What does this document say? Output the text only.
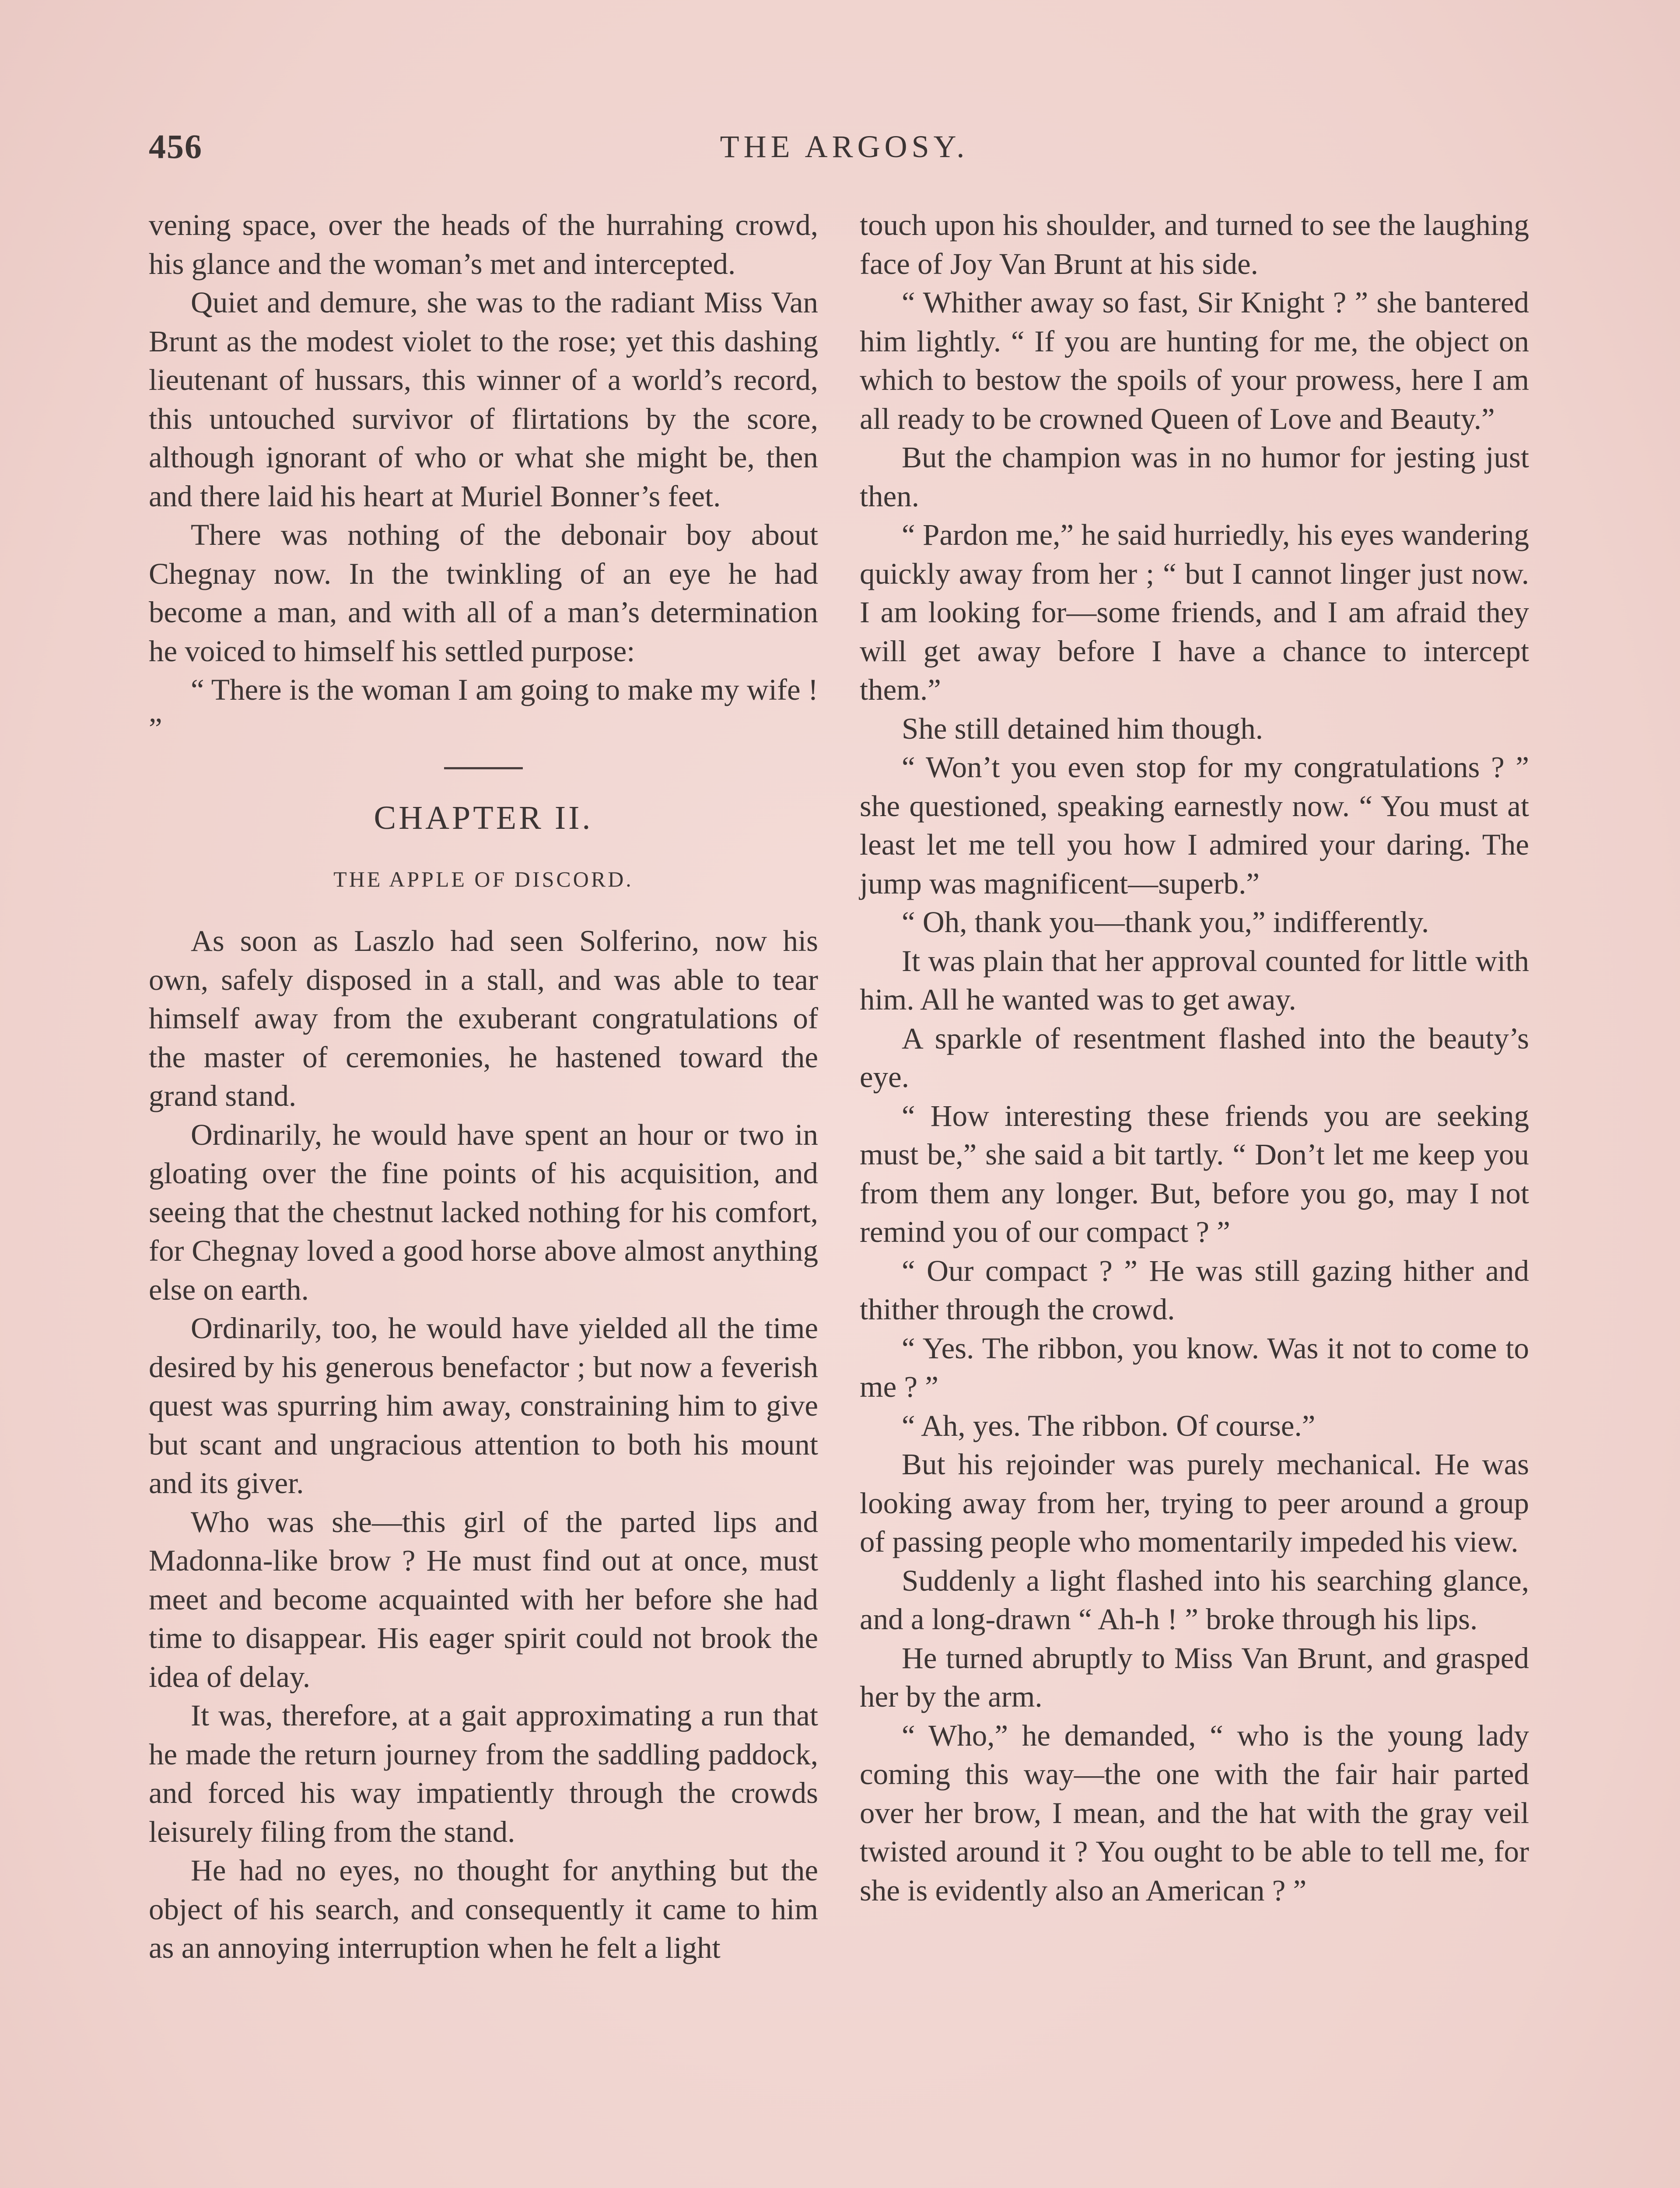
456	THE ARGOSY.

vening space, over the heads of the hurrahing crowd, his glance and the woman’s met and intercepted.

Quiet and demure, she was to the radiant Miss Van Brunt as the modest violet to the rose; yet this dashing lieutenant of hussars, this winner of a world’s record, this untouched survivor of flirtations by the score, although ignorant of who or what she might be, then and there laid his heart at Muriel Bonner’s feet.

There was nothing of the debonair boy about Chegnay now. In the twinkling of an eye he had become a man, and with all of a man’s determination he voiced to himself his settled purpose:

“ There is the woman I am going to make my wife ! ”

CHAPTER II.
THE APPLE OF DISCORD.

As soon as Laszlo had seen Solferino, now his own, safely disposed in a stall, and was able to tear himself away from the exuberant congratulations of the master of ceremonies, he hastened toward the grand stand.

Ordinarily, he would have spent an hour or two in gloating over the fine points of his acquisition, and seeing that the chestnut lacked nothing for his comfort, for Chegnay loved a good horse above almost anything else on earth.

Ordinarily, too, he would have yielded all the time desired by his generous benefactor ; but now a feverish quest was spurring him away, constraining him to give but scant and ungracious attention to both his mount and its giver.

Who was she—this girl of the parted lips and Madonna-like brow ? He must find out at once, must meet and become acquainted with her before she had time to disappear. His eager spirit could not brook the idea of delay.

It was, therefore, at a gait approximating a run that he made the return journey from the saddling paddock, and forced his way impatiently through the crowds leisurely filing from the stand.

He had no eyes, no thought for anything but the object of his search, and consequently it came to him as an annoying interruption when he felt a light

touch upon his shoulder, and turned to see the laughing face of Joy Van Brunt at his side.

“ Whither away so fast, Sir Knight ? ” she bantered him lightly. “ If you are hunting for me, the object on which to bestow the spoils of your prowess, here I am all ready to be crowned Queen of Love and Beauty.”

But the champion was in no humor for jesting just then.

“ Pardon me,” he said hurriedly, his eyes wandering quickly away from her ; “ but I cannot linger just now. I am looking for—some friends, and I am afraid they will get away before I have a chance to intercept them.”

She still detained him though.

“ Won’t you even stop for my congratulations ? ” she questioned, speaking earnestly now. “ You must at least let me tell you how I admired your daring. The jump was magnificent—superb.”

“ Oh, thank you—thank you,” indifferently.

It was plain that her approval counted for little with him. All he wanted was to get away.

A sparkle of resentment flashed into the beauty’s eye.

“ How interesting these friends you are seeking must be,” she said a bit tartly. “ Don’t let me keep you from them any longer. But, before you go, may I not remind you of our compact ? ”

“ Our compact ? ” He was still gazing hither and thither through the crowd.

“ Yes. The ribbon, you know. Was it not to come to me ? ”

“ Ah, yes. The ribbon. Of course.”

But his rejoinder was purely mechanical. He was looking away from her, trying to peer around a group of passing people who momentarily impeded his view.

Suddenly a light flashed into his searching glance, and a long-drawn “ Ah-h ! ” broke through his lips.

He turned abruptly to Miss Van Brunt, and grasped her by the arm.

“ Who,” he demanded, “ who is the young lady coming this way—the one with the fair hair parted over her brow, I mean, and the hat with the gray veil twisted around it ? You ought to be able to tell me, for she is evidently also an American ? ”
